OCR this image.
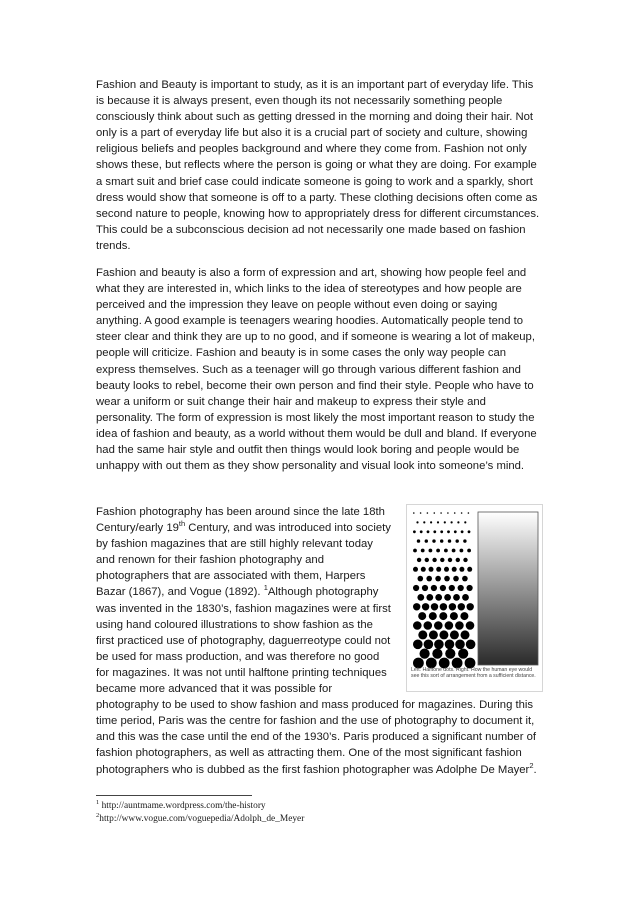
Fashion and Beauty is important to study, as it is an important part of everyday life. This is because it is always present, even though its not necessarily something people consciously think about such as getting dressed in the morning and doing their hair. Not only is a part of everyday life but also it is a crucial part of society and culture, showing religious beliefs and peoples background and where they come from. Fashion not only shows these, but reflects where the person is going or what they are doing. For example a smart suit and brief case could indicate someone is going to work and a sparkly, short dress would show that someone is off to a party. These clothing decisions often come as second nature to people, knowing how to appropriately dress for different circumstances. This could be a subconscious decision ad not necessarily one made based on fashion trends.

Fashion and beauty is also a form of expression and art, showing how people feel and what they are interested in, which links to the idea of stereotypes and how people are perceived and the impression they leave on people without even doing or saying anything. A good example is teenagers wearing hoodies. Automatically people tend to steer clear and think they are up to no good, and if someone is wearing a lot of makeup, people will criticize. Fashion and beauty is in some cases the only way people can express themselves. Such as a teenager will go through various different fashion and beauty looks to rebel, become their own person and find their style. People who have to wear a uniform or suit change their hair and makeup to express their style and personality. The form of expression is most likely the most important reason to study the idea of fashion and beauty, as a world without them would be dull and bland. If everyone had the same hair style and outfit then things would look boring and people would be unhappy with out them as they show personality and visual look into someone’s mind.

Left: Halftone dots. Right: How the human eye would see this sort of arrangement from a sufficient distance.

Fashion photography has been around since the late 18th Century/early 19th Century, and was introduced into society by fashion magazines that are still highly relevant today and renown for their fashion photography and photographers that are associated with them, Harpers Bazar (1867), and Vogue (1892). $^1$Although photography was invented in the 1830’s, fashion magazines were at first using hand coloured illustrations to show fashion as the first practiced use of photography, daguerreotype could not be used for mass production, and was therefore no good for magazines. It was not until halftone printing techniques became more advanced that it was possible for photography to be used to show fashion and mass produced for magazines. During this time period, Paris was the centre for fashion and the use of photography to document it, and this was the case until the end of the 1930’s. Paris produced a significant number of fashion photographers, as well as attracting them. One of the most significant fashion photographers who is dubbed as the first fashion photographer was Adolphe De Mayer$^2$.

$^1$ http://auntmame.wordpress.com/the-history
$^2$http://www.vogue.com/voguepedia/Adolph_de_Meyer
